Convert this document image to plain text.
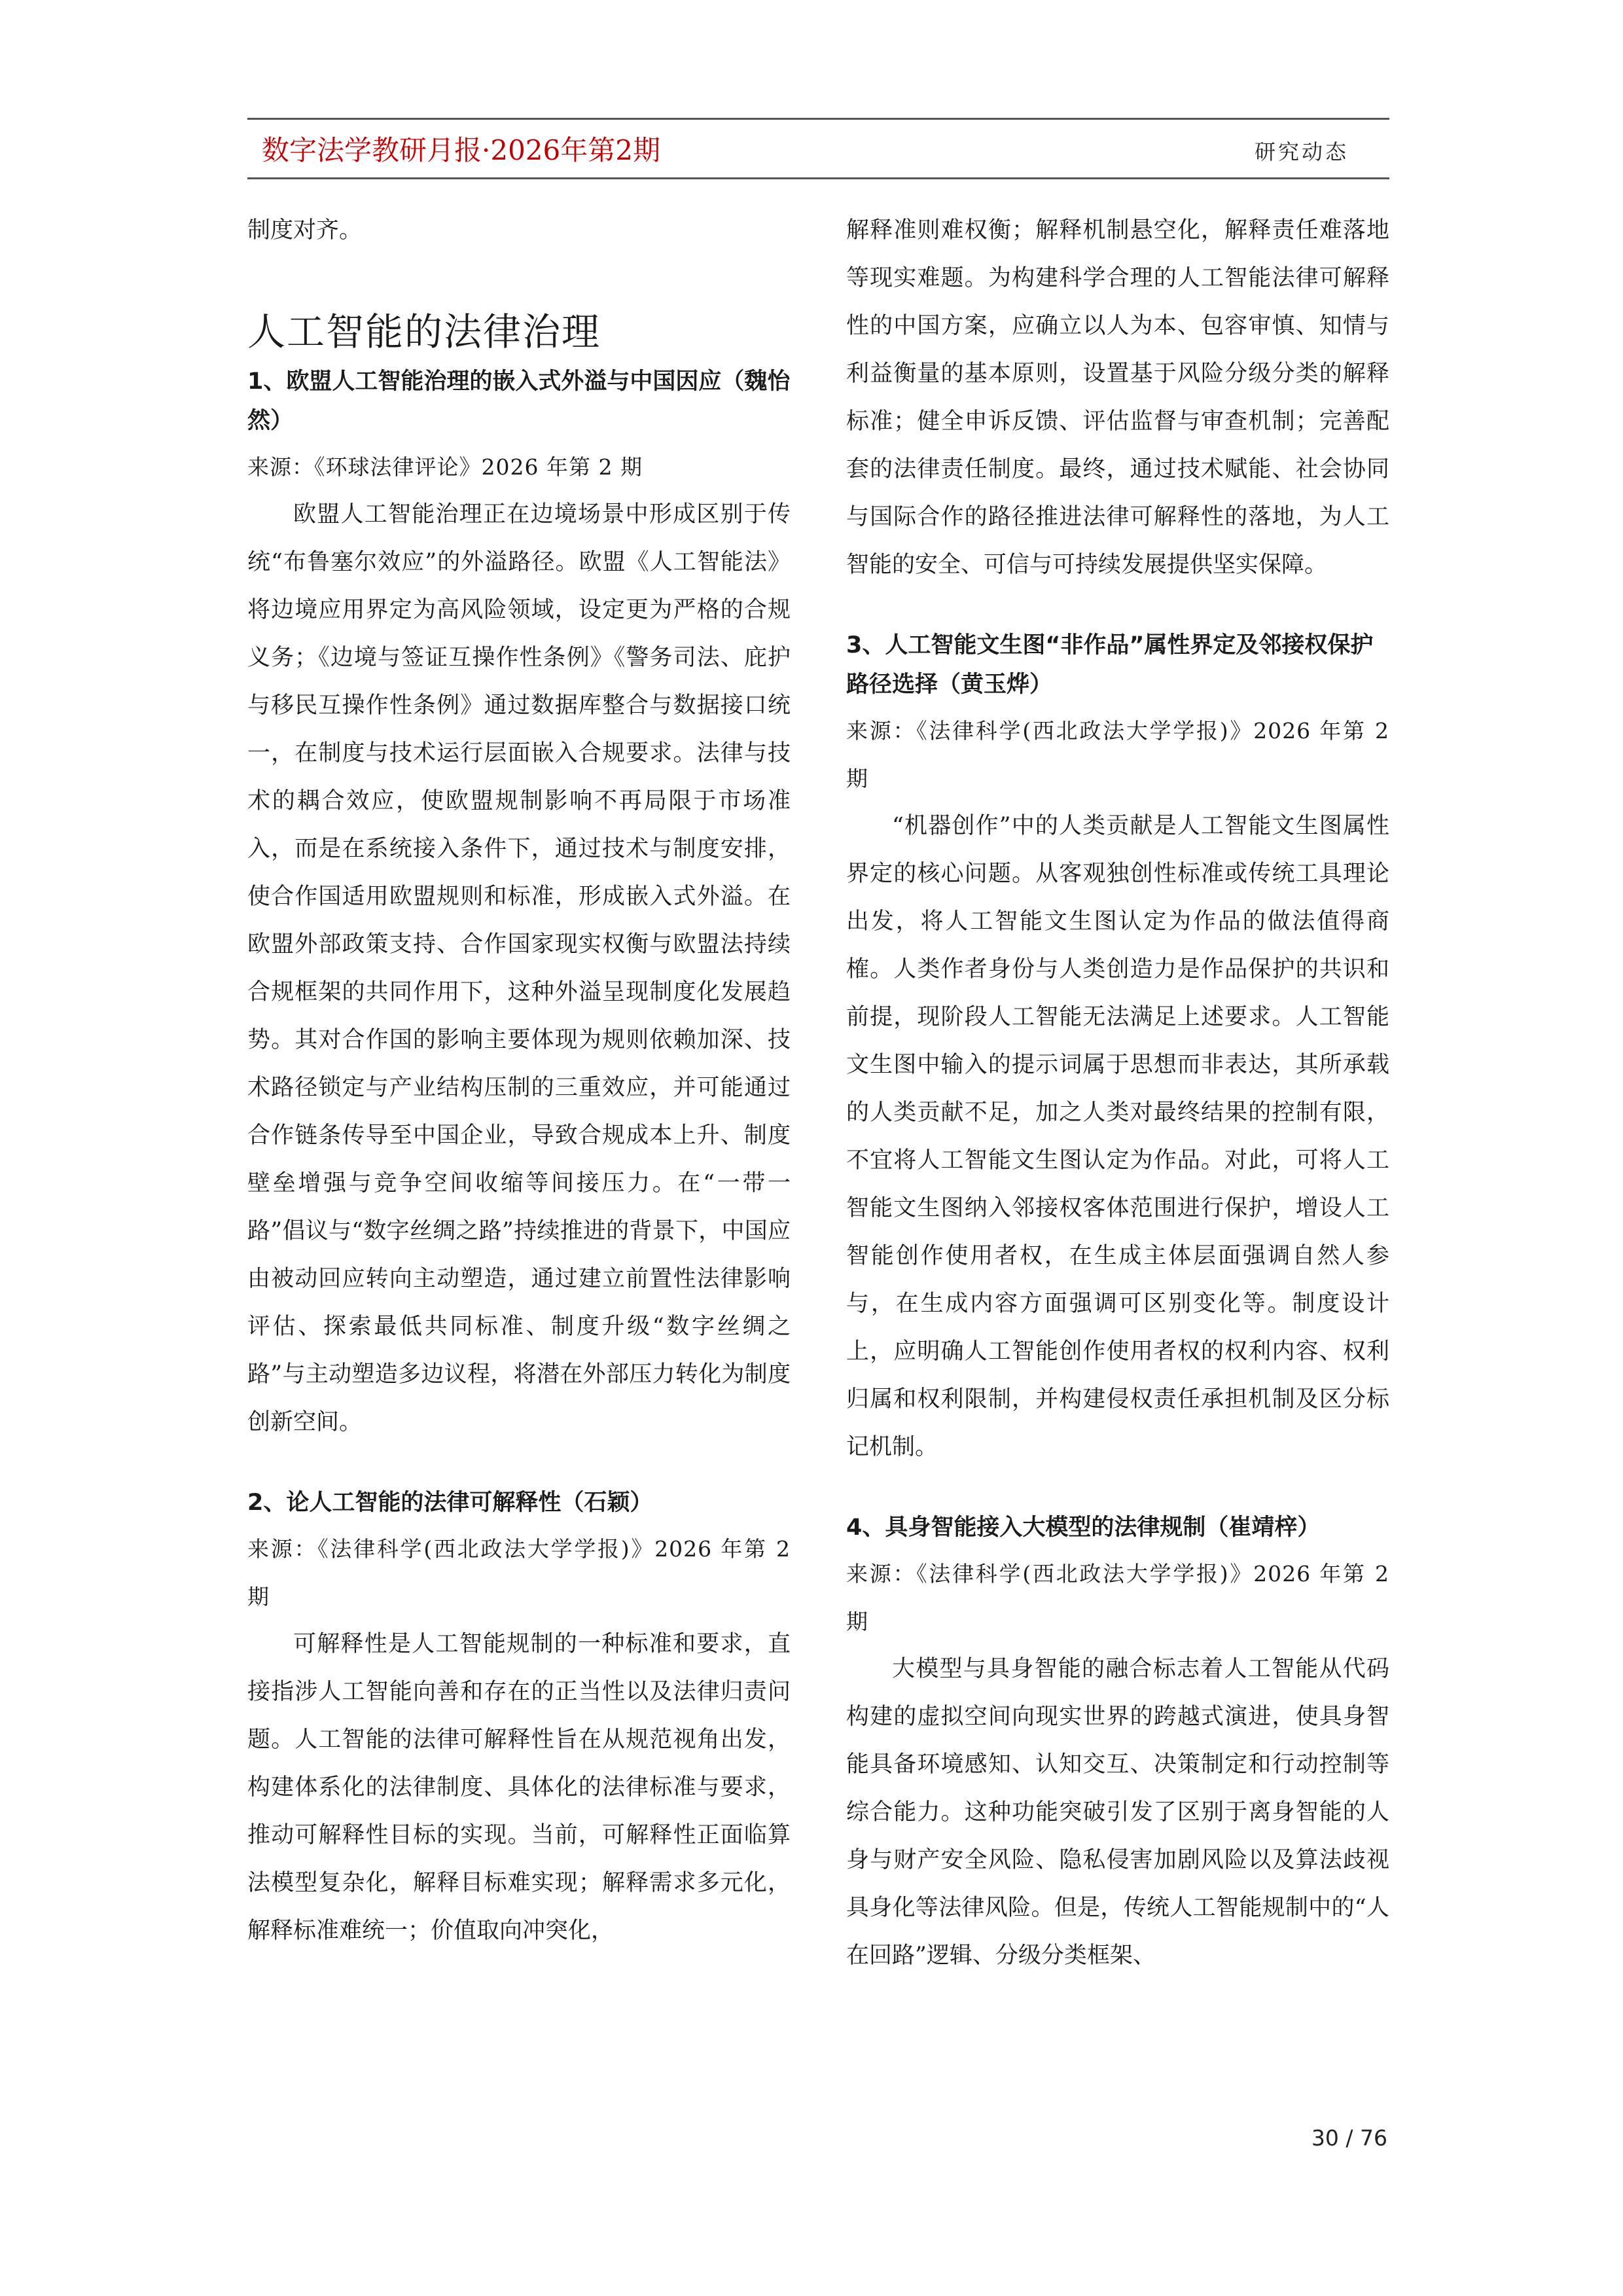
数字法学教研月报·2026年第2期	研究动态

制度对齐。

人工智能的法律治理
1、欧盟人工智能治理的嵌入式外溢与中国因应（魏怡然）

来源：《环球法律评论》2026 年第 2 期

欧盟人工智能治理正在边境场景中形成区别于传统“布鲁塞尔效应”的外溢路径。欧盟《人工智能法》将边境应用界定为高风险领域，设定更为严格的合规义务；《边境与签证互操作性条例》《警务司法、庇护与移民互操作性条例》通过数据库整合与数据接口统一，在制度与技术运行层面嵌入合规要求。法律与技术的耦合效应，使欧盟规制影响不再局限于市场准入，而是在系统接入条件下，通过技术与制度安排，使合作国适用欧盟规则和标准，形成嵌入式外溢。在欧盟外部政策支持、合作国家现实权衡与欧盟法持续合规框架的共同作用下，这种外溢呈现制度化发展趋势。其对合作国的影响主要体现为规则依赖加深、技术路径锁定与产业结构压制的三重效应，并可能通过合作链条传导至中国企业，导致合规成本上升、制度壁垒增强与竞争空间收缩等间接压力。在“一带一路”倡议与“数字丝绸之路”持续推进的背景下，中国应由被动回应转向主动塑造，通过建立前置性法律影响评估、探索最低共同标准、制度升级“数字丝绸之路”与主动塑造多边议程，将潜在外部压力转化为制度创新空间。

2、论人工智能的法律可解释性（石颖）

来源：《法律科学(西北政法大学学报)》2026 年第 2 期

可解释性是人工智能规制的一种标准和要求，直接指涉人工智能向善和存在的正当性以及法律归责问题。人工智能的法律可解释性旨在从规范视角出发，构建体系化的法律制度、具体化的法律标准与要求，推动可解释性目标的实现。当前，可解释性正面临算法模型复杂化，解释目标难实现；解释需求多元化，解释标准难统一；价值取向冲突化，

解释准则难权衡；解释机制悬空化，解释责任难落地等现实难题。为构建科学合理的人工智能法律可解释性的中国方案，应确立以人为本、包容审慎、知情与利益衡量的基本原则，设置基于风险分级分类的解释标准；健全申诉反馈、评估监督与审查机制；完善配套的法律责任制度。最终，通过技术赋能、社会协同与国际合作的路径推进法律可解释性的落地，为人工智能的安全、可信与可持续发展提供坚实保障。

3、人工智能文生图“非作品”属性界定及邻接权保护路径选择（黄玉烨）

来源：《法律科学(西北政法大学学报)》2026 年第 2 期

“机器创作”中的人类贡献是人工智能文生图属性界定的核心问题。从客观独创性标准或传统工具理论出发，将人工智能文生图认定为作品的做法值得商榷。人类作者身份与人类创造力是作品保护的共识和前提，现阶段人工智能无法满足上述要求。人工智能文生图中输入的提示词属于思想而非表达，其所承载的人类贡献不足，加之人类对最终结果的控制有限，不宜将人工智能文生图认定为作品。对此，可将人工智能文生图纳入邻接权客体范围进行保护，增设人工智能创作使用者权，在生成主体层面强调自然人参与，在生成内容方面强调可区别变化等。制度设计上，应明确人工智能创作使用者权的权利内容、权利归属和权利限制，并构建侵权责任承担机制及区分标记机制。

4、具身智能接入大模型的法律规制（崔靖梓）

来源：《法律科学(西北政法大学学报)》2026 年第 2 期

大模型与具身智能的融合标志着人工智能从代码构建的虚拟空间向现实世界的跨越式演进，使具身智能具备环境感知、认知交互、决策制定和行动控制等综合能力。这种功能突破引发了区别于离身智能的人身与财产安全风险、隐私侵害加剧风险以及算法歧视具身化等法律风险。但是，传统人工智能规制中的“人在回路”逻辑、分级分类框架、

30 / 76
